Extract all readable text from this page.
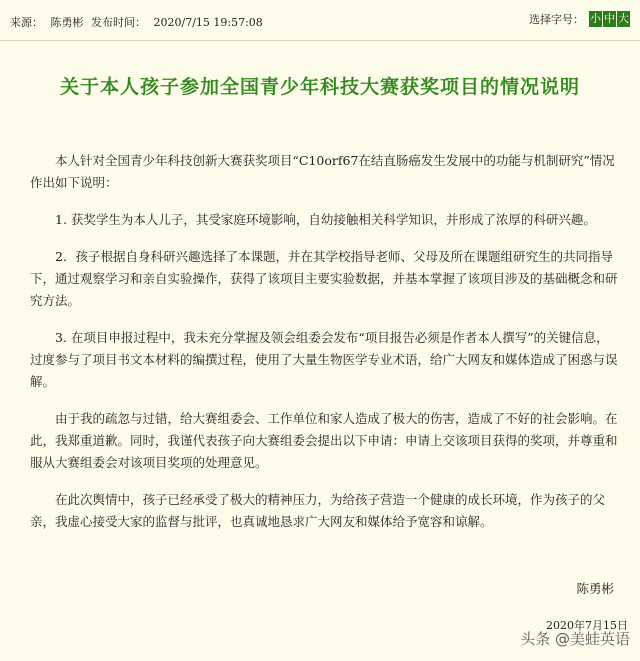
来源： 陈勇彬 发布时间： 2020/7/15 19:57:08	选择字号： 小 中 大
关于本人孩子参加全国青少年科技大赛获奖项目的情况说明

本人针对全国青少年科技创新大赛获奖项目“C10orf67在结直肠癌发生发展中的功能与机制研究”情况作出如下说明：

1. 获奖学生为本人儿子，其受家庭环境影响，自幼接触相关科学知识，并形成了浓厚的科研兴趣。

2．孩子根据自身科研兴趣选择了本课题，并在其学校指导老师、父母及所在课题组研究生的共同指导下，通过观察学习和亲自实验操作，获得了该项目主要实验数据，并基本掌握了该项目涉及的基础概念和研究方法。

3. 在项目申报过程中，我未充分掌握及领会组委会发布“项目报告必须是作者本人撰写”的关键信息，过度参与了项目书文本材料的编撰过程，使用了大量生物医学专业术语，给广大网友和媒体造成了困惑与误解。

由于我的疏忽与过错，给大赛组委会、工作单位和家人造成了极大的伤害，造成了不好的社会影响。在此，我郑重道歉。同时，我谨代表孩子向大赛组委会提出以下申请：申请上交该项目获得的奖项，并尊重和服从大赛组委会对该项目奖项的处理意见。

在此次舆情中，孩子已经承受了极大的精神压力，为给孩子营造一个健康的成长环境，作为孩子的父亲，我虚心接受大家的监督与批评，也真诚地恳求广大网友和媒体给予宽容和谅解。

陈勇彬
2020年7月15日
头条 @美蛙英语
